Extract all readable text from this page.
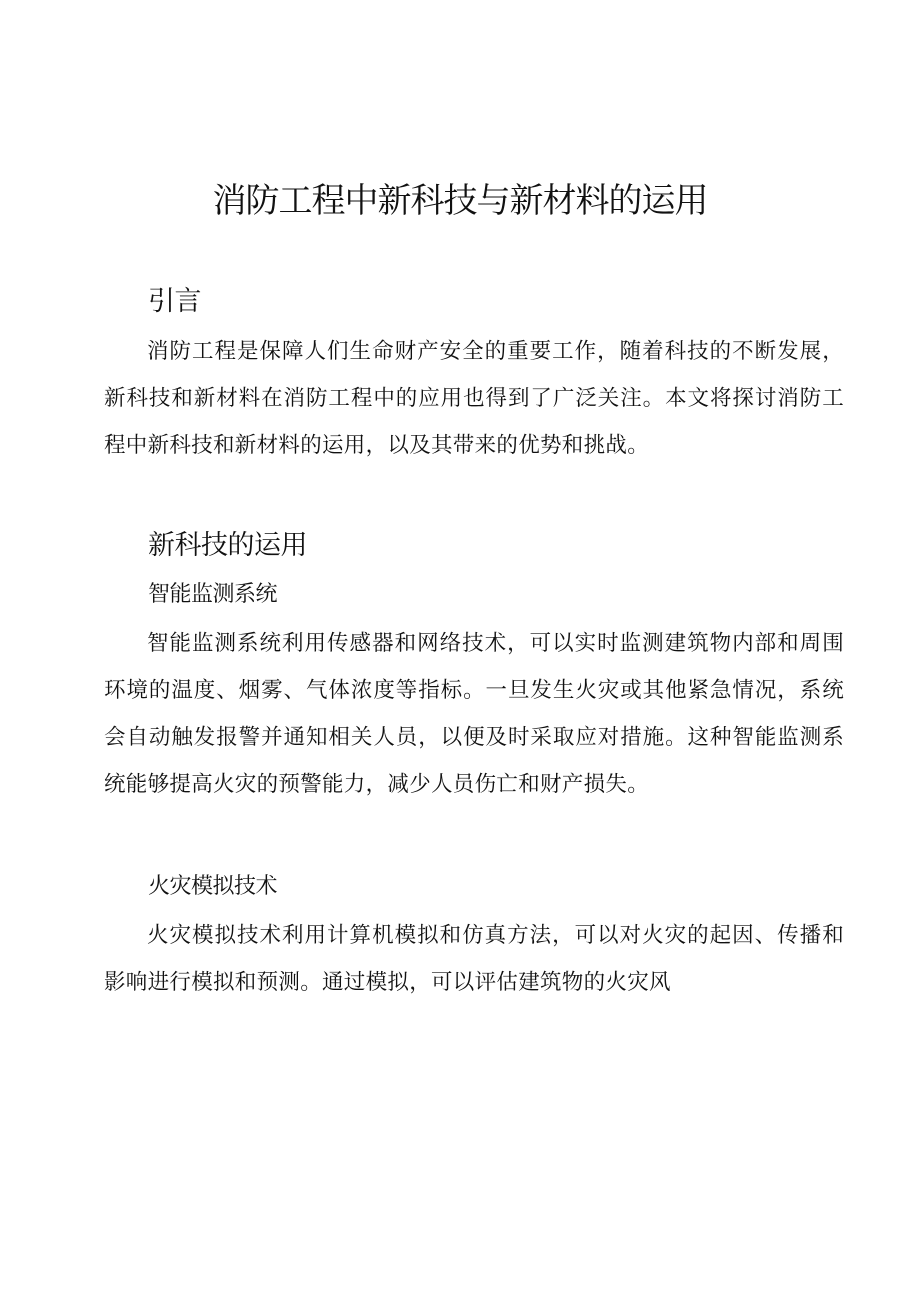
消防工程中新科技与新材料的运用
引言

消防工程是保障人们生命财产安全的重要工作，随着科技的不断发展，新科技和新材料在消防工程中的应用也得到了广泛关注。本文将探讨消防工程中新科技和新材料的运用，以及其带来的优势和挑战。

新科技的运用
智能监测系统

智能监测系统利用传感器和网络技术，可以实时监测建筑物内部和周围环境的温度、烟雾、气体浓度等指标。一旦发生火灾或其他紧急情况，系统会自动触发报警并通知相关人员，以便及时采取应对措施。这种智能监测系统能够提高火灾的预警能力，减少人员伤亡和财产损失。

火灾模拟技术

火灾模拟技术利用计算机模拟和仿真方法，可以对火灾的起因、传播和影响进行模拟和预测。通过模拟，可以评估建筑物的火灾风
